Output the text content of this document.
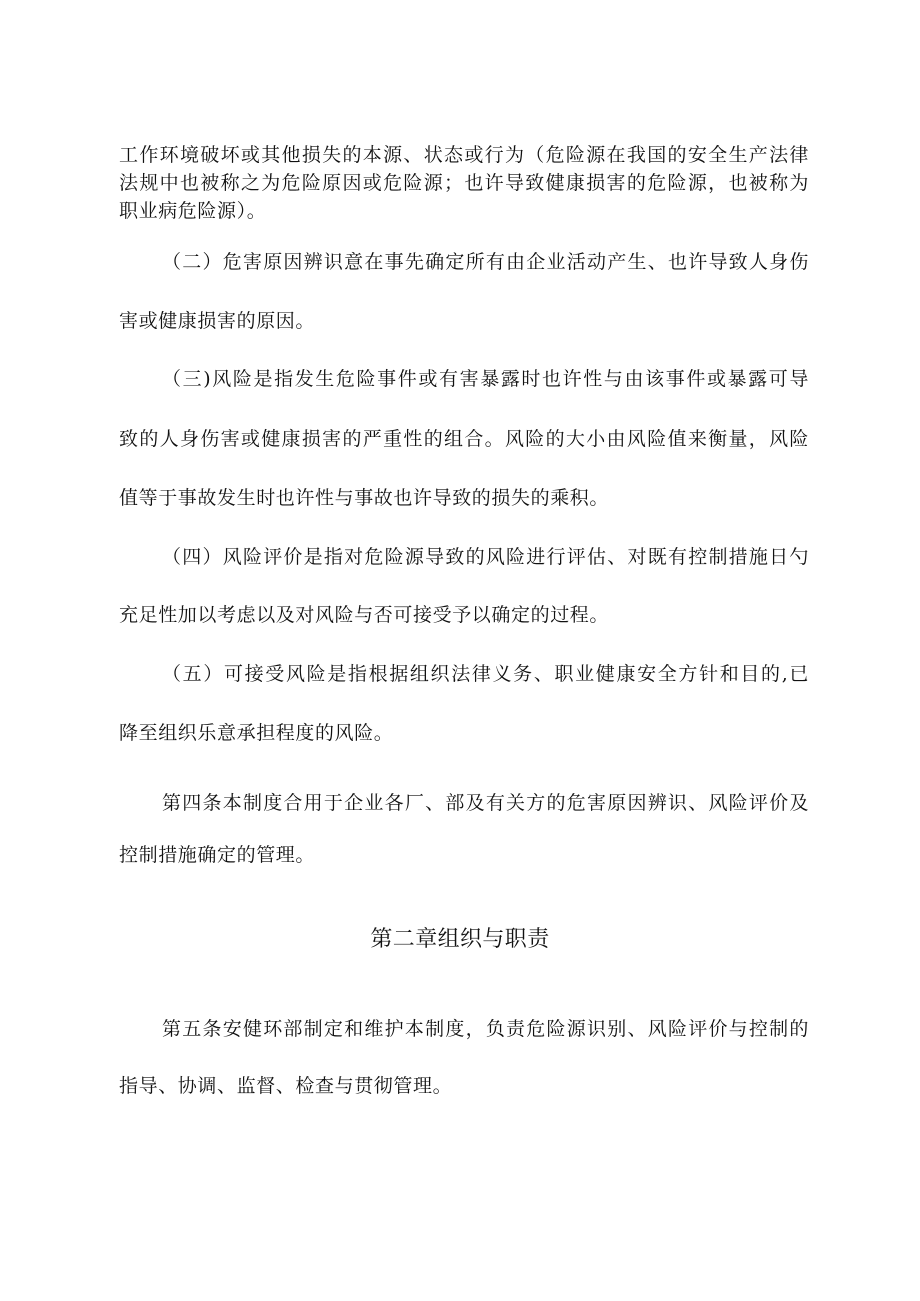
工作环境破坏或其他损失的本源、状态或行为（危险源在我国的安全生产法律
法规中也被称之为危险原因或危险源；也许导致健康损害的危险源，也被称为
职业病危险源）。
（二）危害原因辨识意在事先确定所有由企业活动产生、也许导致人身伤
害或健康损害的原因。
（三)风险是指发生危险事件或有害暴露时也许性与由该事件或暴露可导
致的人身伤害或健康损害的严重性的组合。风险的大小由风险值来衡量，风险
值等于事故发生时也许性与事故也许导致的损失的乘积。
（四）风险评价是指对危险源导致的风险进行评估、对既有控制措施日勺
充足性加以考虑以及对风险与否可接受予以确定的过程。
（五）可接受风险是指根据组织法律义务、职业健康安全方针和目的,已
降至组织乐意承担程度的风险。
第四条本制度合用于企业各厂、部及有关方的危害原因辨识、风险评价及
控制措施确定的管理。
第二章组织与职责
第五条安健环部制定和维护本制度，负责危险源识别、风险评价与控制的
指导、协调、监督、检查与贯彻管理。
